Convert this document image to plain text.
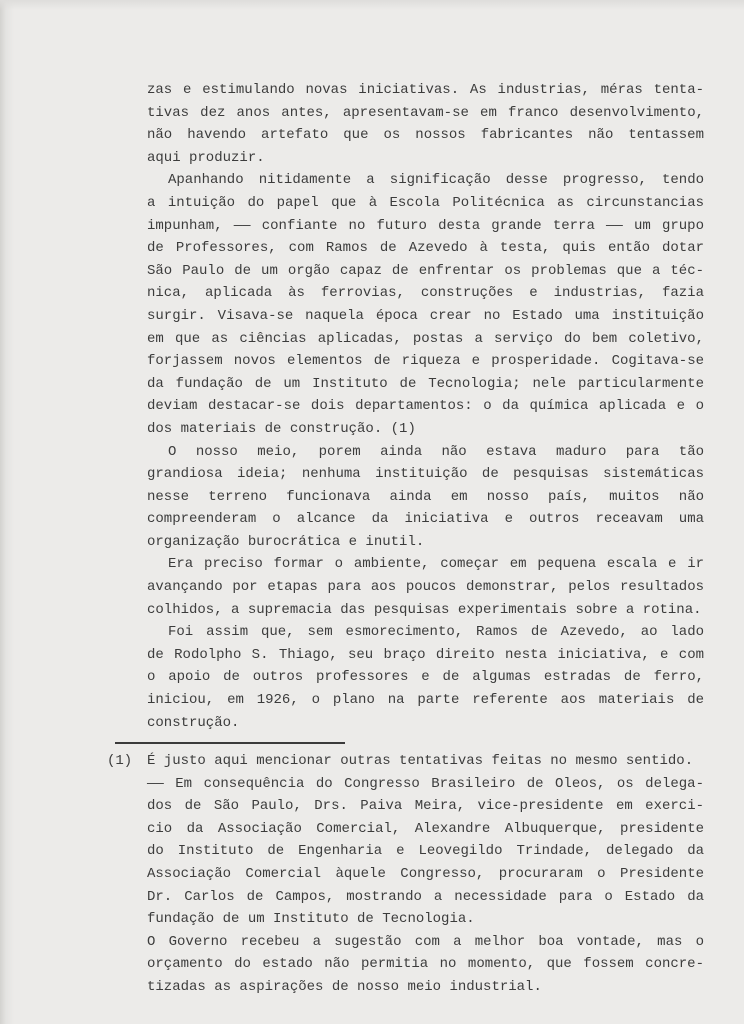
zas e estimulando novas iniciativas. As industrias, méras tenta-
tivas dez anos antes, apresentavam-se em franco desenvolvimento,
não havendo artefato que os nossos fabricantes não tentassem
aqui produzir.
Apanhando nitidamente a significação desse progresso, tendo
a intuição do papel que à Escola Politécnica as circunstancias
impunham, —— confiante no futuro desta grande terra —— um grupo
de Professores, com Ramos de Azevedo à testa, quis então dotar
São Paulo de um orgão capaz de enfrentar os problemas que a téc-
nica, aplicada às ferrovias, construções e industrias, fazia
surgir. Visava-se naquela época crear no Estado uma instituição
em que as ciências aplicadas, postas a serviço do bem coletivo,
forjassem novos elementos de riqueza e prosperidade. Cogitava-se
da fundação de um Instituto de Tecnologia; nele particularmente
deviam destacar-se dois departamentos: o da química aplicada e o
dos materiais de construção. (1)
O nosso meio, porem ainda não estava maduro para tão
grandiosa ideia; nenhuma instituição de pesquisas sistemáticas
nesse terreno funcionava ainda em nosso país, muitos não
compreenderam o alcance da iniciativa e outros receavam uma
organização burocrática e inutil.
Era preciso formar o ambiente, começar em pequena escala e ir
avançando por etapas para aos poucos demonstrar, pelos resultados
colhidos, a supremacia das pesquisas experimentais sobre a rotina.
Foi assim que, sem esmorecimento, Ramos de Azevedo, ao lado
de Rodolpho S. Thiago, seu braço direito nesta iniciativa, e com
o apoio de outros professores e de algumas estradas de ferro,
iniciou, em 1926, o plano na parte referente aos materiais de
construção.
(1) É justo aqui mencionar outras tentativas feitas no mesmo sentido.
—— Em consequência do Congresso Brasileiro de Oleos, os delega-
dos de São Paulo, Drs. Paiva Meira, vice-presidente em exerci-
cio da Associação Comercial, Alexandre Albuquerque, presidente
do Instituto de Engenharia e Leovegildo Trindade, delegado da
Associação Comercial àquele Congresso, procuraram o Presidente
Dr. Carlos de Campos, mostrando a necessidade para o Estado da
fundação de um Instituto de Tecnologia.
O Governo recebeu a sugestão com a melhor boa vontade, mas o
orçamento do estado não permitia no momento, que fossem concre-
tizadas as aspirações de nosso meio industrial.
